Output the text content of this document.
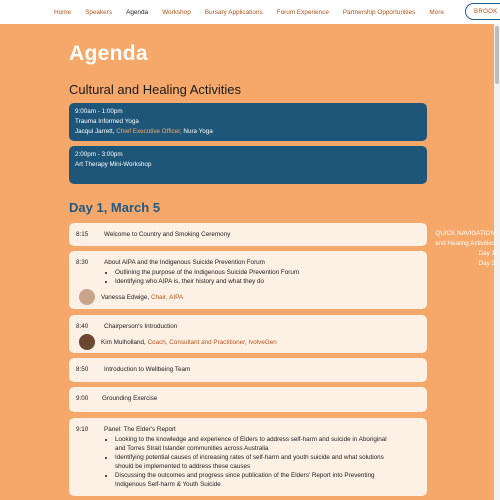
Home	Speakers	Agenda	Workshop	Bursary Applications	Forum Experience	Partnership Opportunities	More	BROOK
Agenda
Cultural and Healing Activities
9:00am - 1:00pm
Trauma Informed Yoga
Jacqui Jarrett, Chief Executive Officer, Nura Yoga
2:00pm - 3:00pm
Art Therapy Mini-Workshop
Day 1, March 5
8:15 Welcome to Country and Smoking Ceremony
8:30 About AIPA and the Indigenous Suicide Prevention Forum
• Outlining the purpose of the Indigenous Suicide Prevention Forum
• Identifying who AIPA is, their history and what they do
Vanessa Edwige,
Chair,
AIPA
8:40 Chairperson's Introduction
Kim Mulholland,
Coach, Consultant and Practitioner,
IvolveGen
8:50 Introduction to Wellbeing Team
9:00 Grounding Exercise
9:10 Panel: The Elder's Report
• Looking to the knowledge and experience of Elders to address self-harm and suicide in Aboriginal
and Torres Strait Islander communities across Australia
• Identifying potential causes of increasing rates of self-harm and youth suicide and what solutions
should be implemented to address these causes
• Discussing the outcomes and progress since publication of the Elders' Report into Preventing
Indigenous Self-harm & Youth Suicide
QUICK NAVIGATION
and Healing Activities
Day 1
Day 2
